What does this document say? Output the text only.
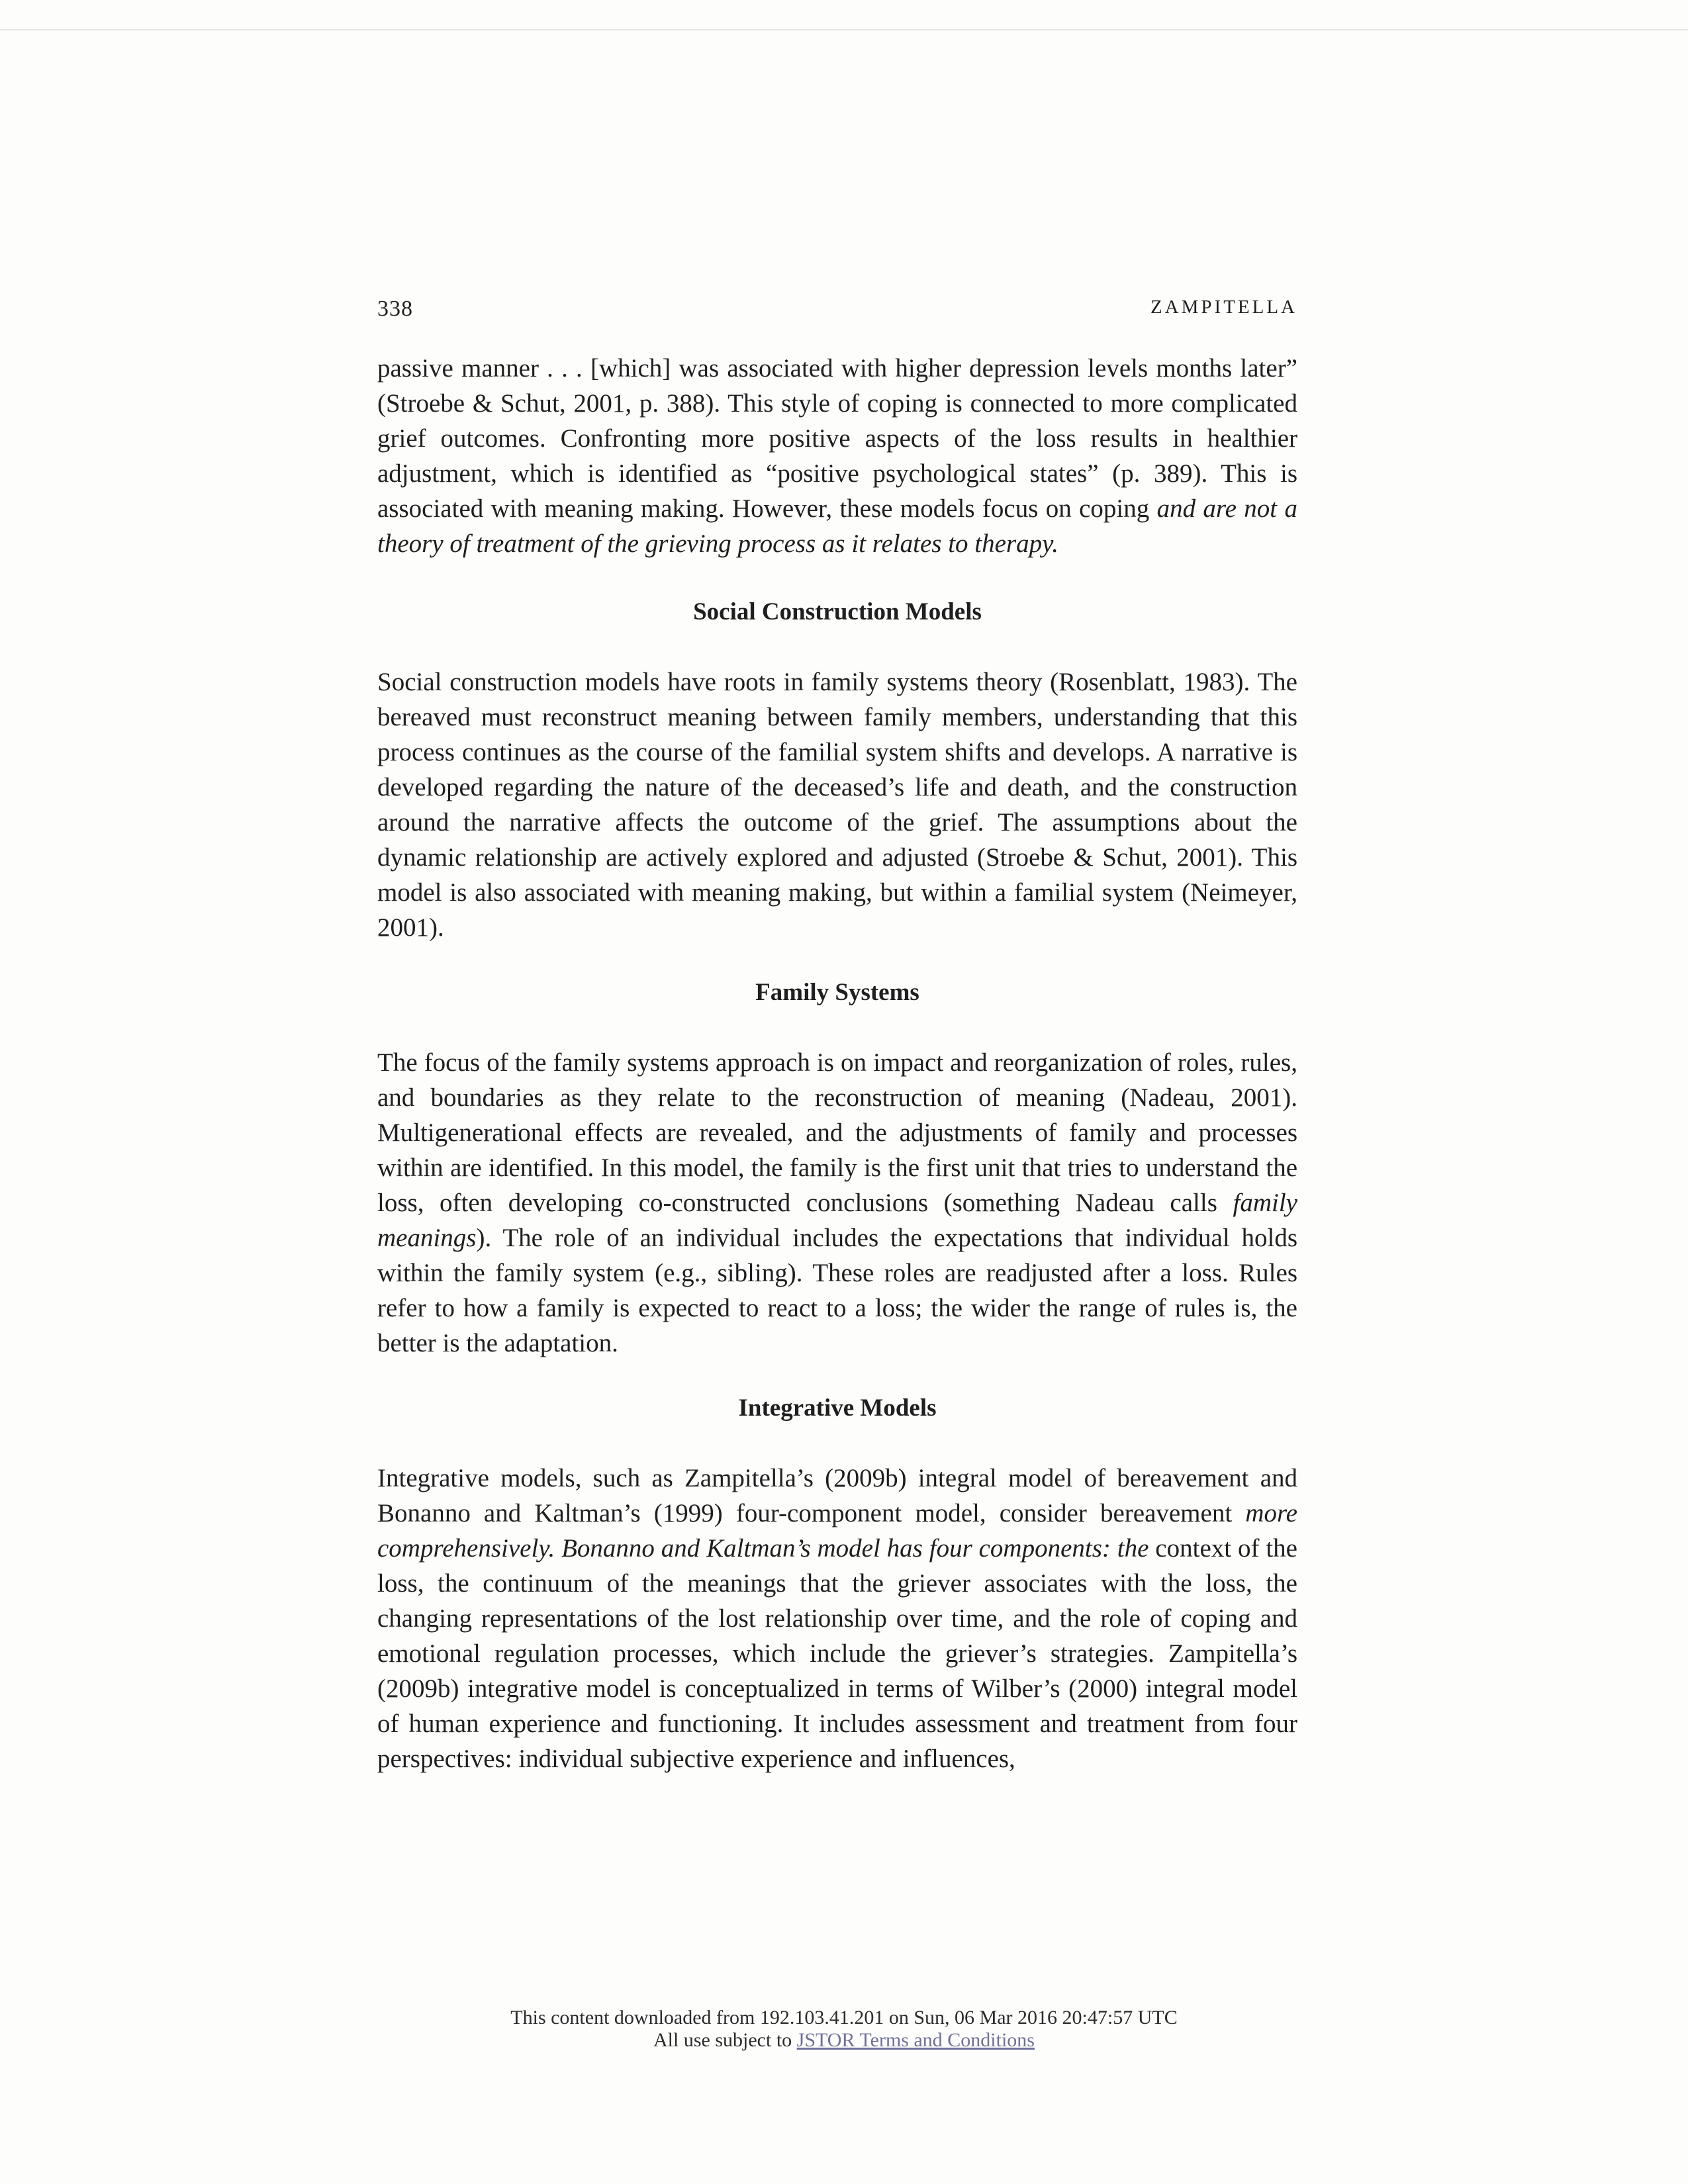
338	ZAMPITELLA

passive manner . . . [which] was associated with higher depression levels months later” (Stroebe & Schut, 2001, p. 388). This style of coping is connected to more complicated grief outcomes. Confronting more positive aspects of the loss results in healthier adjustment, which is identified as “positive psychological states” (p. 389). This is associated with meaning making. However, these models focus on coping and are not a theory of treatment of the grieving process as it relates to therapy.

Social Construction Models

Social construction models have roots in family systems theory (Rosenblatt, 1983). The bereaved must reconstruct meaning between family members, understanding that this process continues as the course of the familial system shifts and develops. A narrative is developed regarding the nature of the deceased’s life and death, and the construction around the narrative affects the outcome of the grief. The assumptions about the dynamic relationship are actively explored and adjusted (Stroebe & Schut, 2001). This model is also associated with meaning making, but within a familial system (Neimeyer, 2001).

Family Systems

The focus of the family systems approach is on impact and reorganization of roles, rules, and boundaries as they relate to the reconstruction of meaning (Nadeau, 2001). Multigenerational effects are revealed, and the adjustments of family and processes within are identified. In this model, the family is the first unit that tries to understand the loss, often developing co-constructed conclusions (something Nadeau calls family meanings). The role of an individual includes the expectations that individual holds within the family system (e.g., sibling). These roles are readjusted after a loss. Rules refer to how a family is expected to react to a loss; the wider the range of rules is, the better is the adaptation.

Integrative Models

Integrative models, such as Zampitella’s (2009b) integral model of bereavement and Bonanno and Kaltman’s (1999) four-component model, consider bereavement more comprehensively. Bonanno and Kaltman’s model has four components: the context of the loss, the continuum of the meanings that the griever associates with the loss, the changing representations of the lost relationship over time, and the role of coping and emotional regulation processes, which include the griever’s strategies. Zampitella’s (2009b) integrative model is conceptualized in terms of Wilber’s (2000) integral model of human experience and functioning. It includes assessment and treatment from four perspectives: individual subjective experience and influences,

This content downloaded from 192.103.41.201 on Sun, 06 Mar 2016 20:47:57 UTC
All use subject to JSTOR Terms and Conditions
